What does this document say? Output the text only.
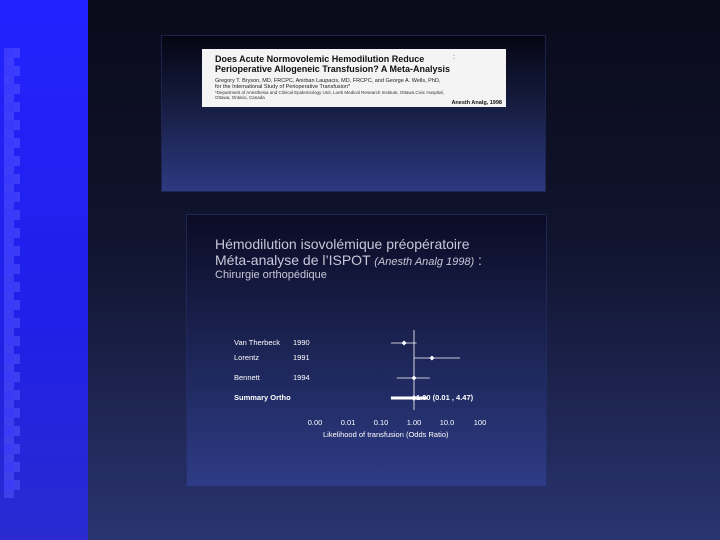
Does Acute Normovolemic Hemodilution Reduce	:
Perioperative Allogeneic Transfusion? A Meta-Analysis
Gregory T. Bryson, MD, FRCPC, Anirban Laupacis, MD, FRCPC, and George A. Wells, PhD,
for the International Study of Perioperative Transfusion*
*Department of Anesthesia and Clinical Epidemiology Unit, Loeb Medical Research Institute, Ottawa Civic Hospital,
Ottawa, Ontario, Canada
Anesth Analg, 1998
Hémodilution isovolémique préopératoire
Méta-analyse de l’ISPOT (Anesth Analg 1998) :
Chirurgie orthopédique
Van Therbeck 1990
Lorentz	1991
Bennett	1994
Summary Ortho	1.00 (0.01 , 4.47)
0.00 0.01 0.10 1.00 10.0	100
Likelihood of transfusion (Odds Ratio)
